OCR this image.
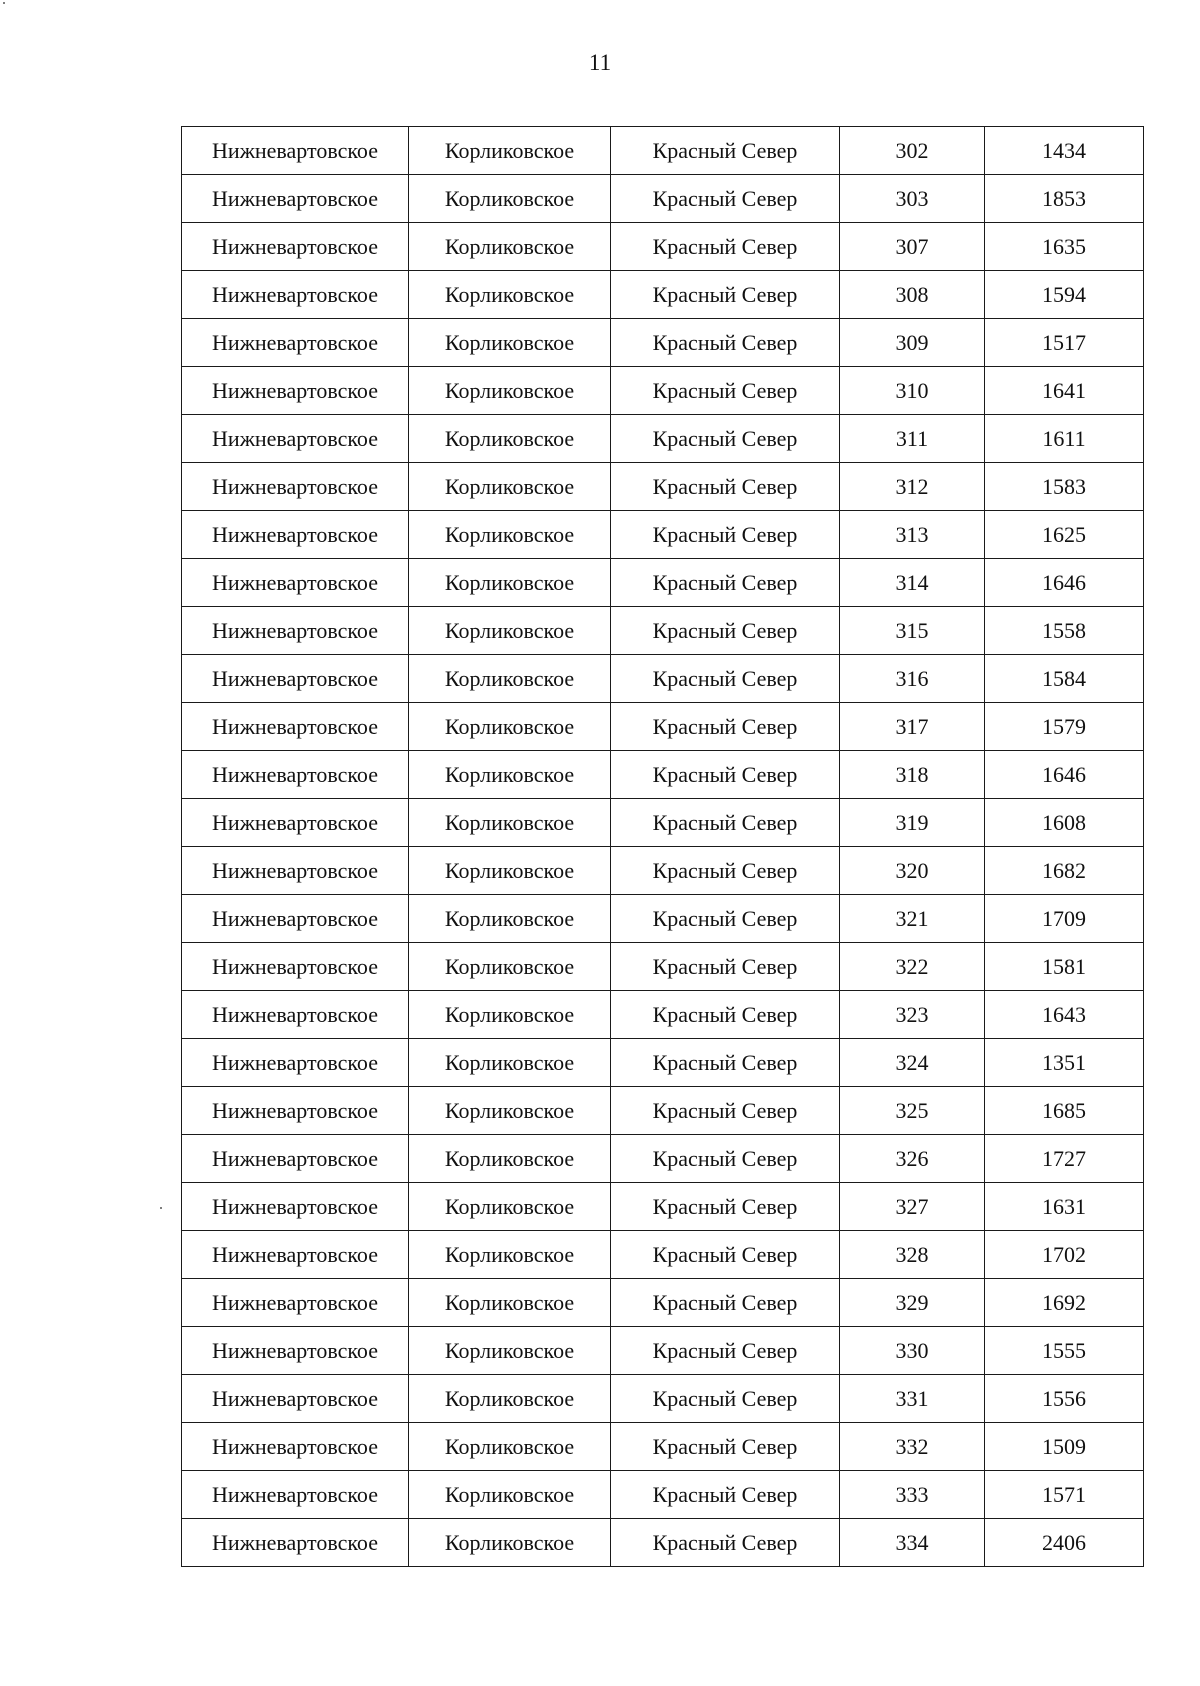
11
Нижневартовское	Корликовское	Красный Север	302	1434
Нижневартовское	Корликовское	Красный Север	303	1853
Нижневартовское	Корликовское	Красный Север	307	1635
Нижневартовское	Корликовское	Красный Север	308	1594
Нижневартовское	Корликовское	Красный Север	309	1517
Нижневартовское	Корликовское	Красный Север	310	1641
Нижневартовское	Корликовское	Красный Север	311	1611
Нижневартовское	Корликовское	Красный Север	312	1583
Нижневартовское	Корликовское	Красный Север	313	1625
Нижневартовское	Корликовское	Красный Север	314	1646
Нижневартовское	Корликовское	Красный Север	315	1558
Нижневартовское	Корликовское	Красный Север	316	1584
Нижневартовское	Корликовское	Красный Север	317	1579
Нижневартовское	Корликовское	Красный Север	318	1646
Нижневартовское	Корликовское	Красный Север	319	1608
Нижневартовское	Корликовское	Красный Север	320	1682
Нижневартовское	Корликовское	Красный Север	321	1709
Нижневартовское	Корликовское	Красный Север	322	1581
Нижневартовское	Корликовское	Красный Север	323	1643
Нижневартовское	Корликовское	Красный Север	324	1351
Нижневартовское	Корликовское	Красный Север	325	1685
Нижневартовское	Корликовское	Красный Север	326	1727
Нижневартовское	Корликовское	Красный Север	327	1631
Нижневартовское	Корликовское	Красный Север	328	1702
Нижневартовское	Корликовское	Красный Север	329	1692
Нижневартовское	Корликовское	Красный Север	330	1555
Нижневартовское	Корликовское	Красный Север	331	1556
Нижневартовское	Корликовское	Красный Север	332	1509
Нижневартовское	Корликовское	Красный Север	333	1571
Нижневартовское	Корликовское	Красный Север	334	2406
